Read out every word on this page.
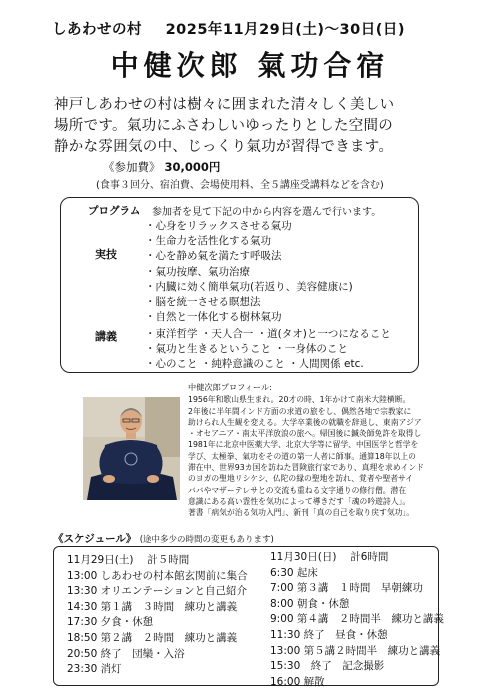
しあわせの村 2025年11月29日(土)〜30日(日)
中健次郎 氣功合宿
神戸しあわせの村は樹々に囲まれた清々しく美しい
場所です。氣功にふさわしいゆったりとした空間の
静かな雰囲気の中、じっくり氣功が習得できます。
《参加費》 30,000円
(食事３回分、宿泊費、会場使用料、全５講座受講料などを含む)
プログラム 参加者を見て下記の中から内容を選んで行います。
実技
・心身をリラックスさせる氣功
・生命力を活性化する氣功
・心を静め氣を満たす呼吸法
・氣功按摩、氣功治療
・内臓に効く簡単氣功(若返り、美容健康に)
・脳を統一させる瞑想法
・自然と一体化する樹林氣功
講義	・東洋哲学 ・天人合一 ・道(タオ)と一つになること
・氣功と生きるということ ・一身体のこと
・心のこと ・純粋意識のこと ・人間関係 etc.
中健次郎プロフィール:
1956年和歌山県生まれ。20才の時、1年かけて南米大陸横断。
2年後に半年間インド方面の求道の旅をし、偶然各地で宗教家に
助けられ人生観を変える。大学卒業後の就職を辞退し、東南アジア
・オセアニア・南太平洋放浪の旅へ。帰国後に鍼灸師免許を取得し
1981年に北京中医薬大学、北京大学等に留学、中国医学と哲学を
学び、太極拳、氣功をその道の第一人者に師事。通算18年以上の
滞在中、世界93カ国を訪ねた冒険旅行家であり、真理を求めインド
のヨガの聖地リシケシ、仏陀の縁の聖地を訪れ、覚者や聖者サイ
ババやマザーテレサとの交流も重ねる文字通りの修行僧。潜在
意識にある高い霊性を気功によって導きだす「魂の吟遊詩人」。
著書「病気が治る気功入門」、新刊「真の自己を取り戻す気功」。
《スケジュール》 (途中多少の時間の変更もあります)
11月29日(土)　 計５時間
13:00 しあわせの村本館玄関前に集合
13:30 オリエンテーションと自己紹介
14:30 第１講　３時間　練功と講義
17:30 夕食・休憩
18:50 第２講　２時間　練功と講義
20:50 終了　団欒・入浴
23:30 消灯
11月30日(日)　 計6時間
6:30 起床
7:00 第３講　１時間　早朝練功
8:00 朝食・休憩
9:00 第４講　２時間半　練功と講義
11:30 終了　昼食・休憩
13:00 第５講２時間半　練功と講義
15:30　終了　記念撮影
16:00 解散
